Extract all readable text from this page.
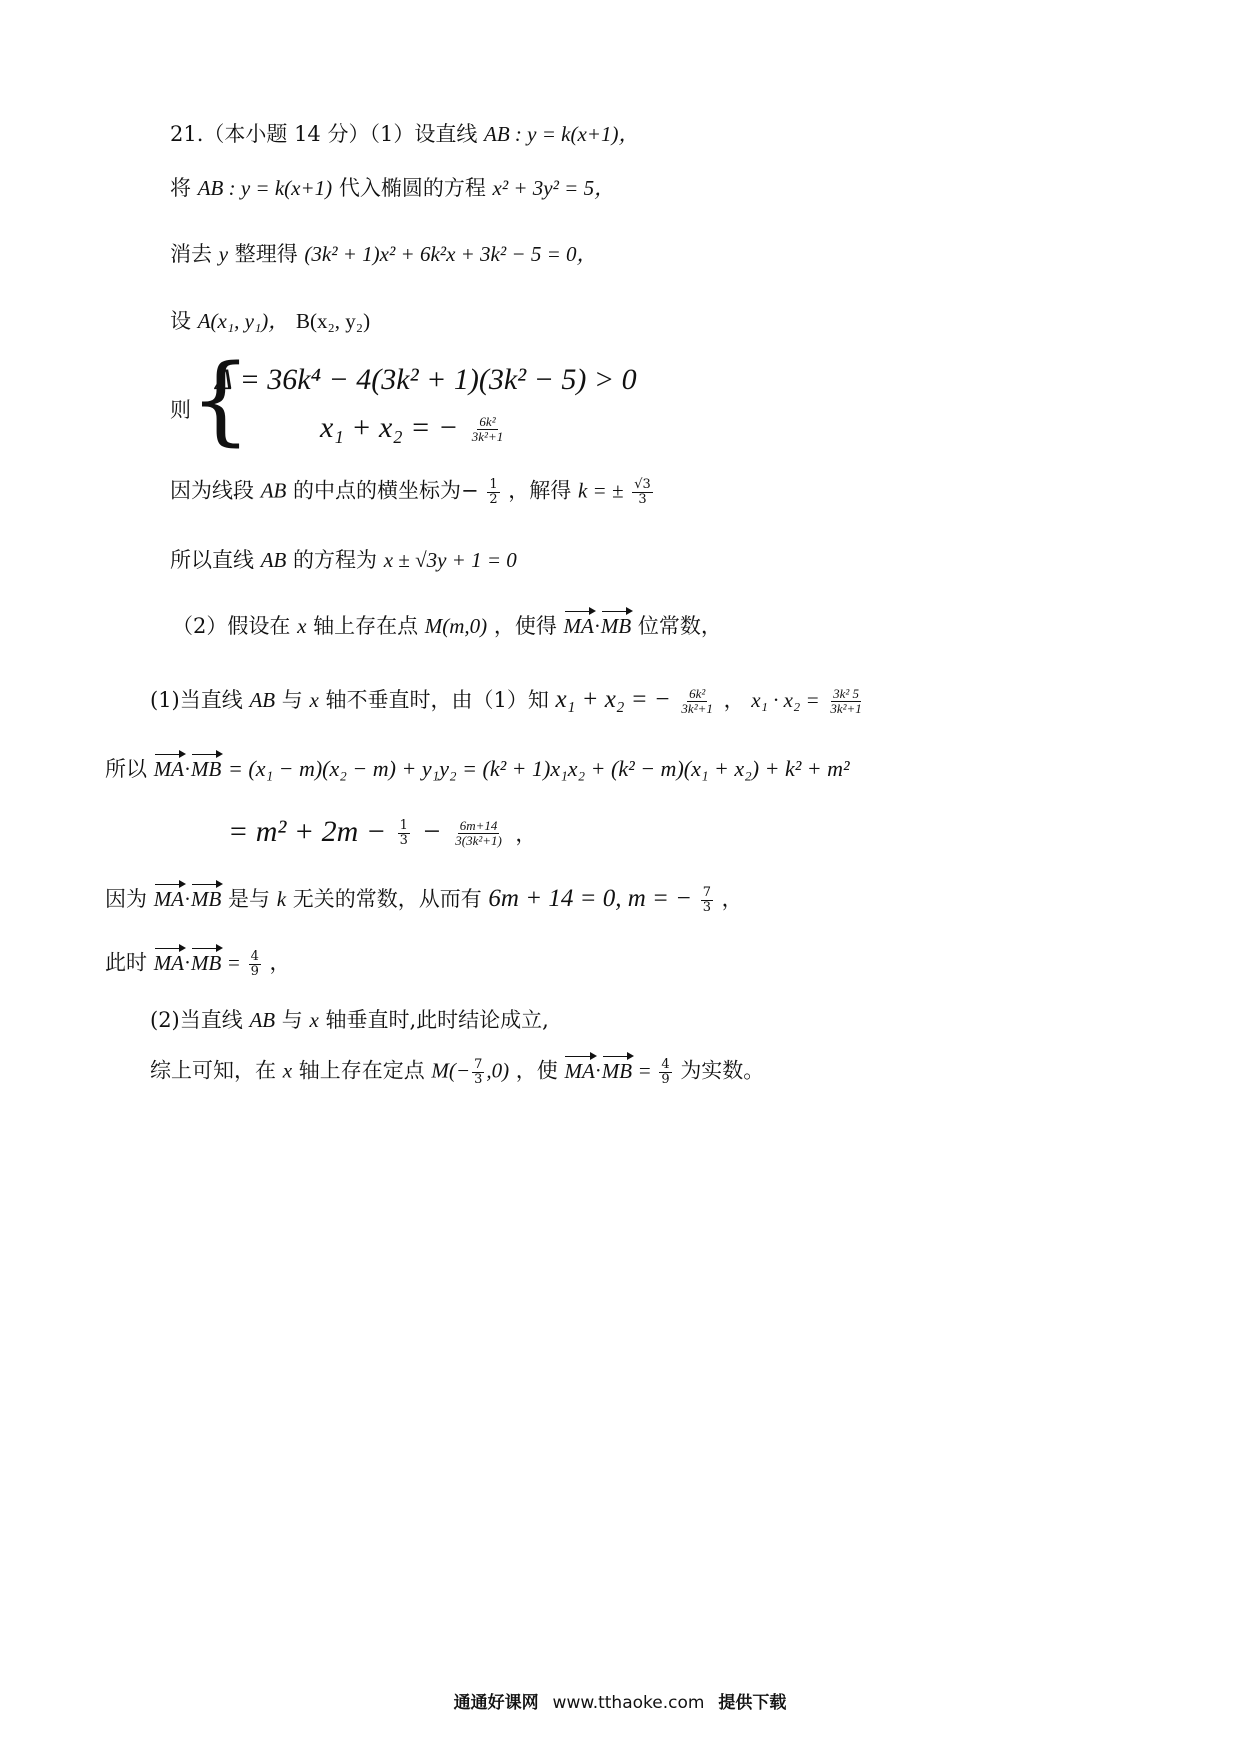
21.（本小题 14 分）（1）设直线 AB : y = k(x+1)，
将 AB : y = k(x+1) 代入椭圆的方程 x² + 3y² = 5，
消去 y 整理得 (3k² + 1)x² + 6k²x + 3k² − 5 = 0，
设 A(x₁, y₁)， B(x₂, y₂)
则 {
Δ = 36k⁴ − 4(3k² + 1)(3k² − 5) > 0
x₁ + x₂ = − $\frac{\text{6k²}}{\text{3k²+1}}$
因为线段 AB 的中点的横坐标为− $\frac{1}{2}$ ，解得 k = ± $\frac{√3}{3}$
所以直线 AB 的方程为 x ± √3y + 1 = 0
（2）假设在 x 轴上存在点 M(m,0) ，使得 MA·MB 位常数，
(1)当直线 AB 与 x 轴不垂直时，由（1）知 x₁ + x₂ = − $\frac{\text{6k²}}{\text{3k²+1}}$ ， $x_1 \cdot x_2 = \frac{\text{3k² 5}}{\text{3k²+1}}$
所以 MA·MB = (x₁ − m)(x₂ − m) + y₁y₂ = (k² + 1)x₁x₂ + (k² − m)(x₁ + x₂) + k² + m²
= $m^2 + 2m - \frac{1}{3} - \frac{6m+14}{\text{3(3k²+1)}}$ ，
因为 MA·MB 是与 k 无关的常数，从而有 6m + 14 = 0, m = − $\frac{7}{3}$ ，
此时 $MA\cdot MB = \frac{4}{9}$ ，
(2)当直线 AB 与 x 轴垂直时,此时结论成立,
综上可知，在 x 轴上存在定点 $M(- \frac{7}{3} ,0)$ ，使 $MA\cdot MB = \frac{4}{9}$ 为实数。
通通好课网 www.tthaoke.com 提供下载
